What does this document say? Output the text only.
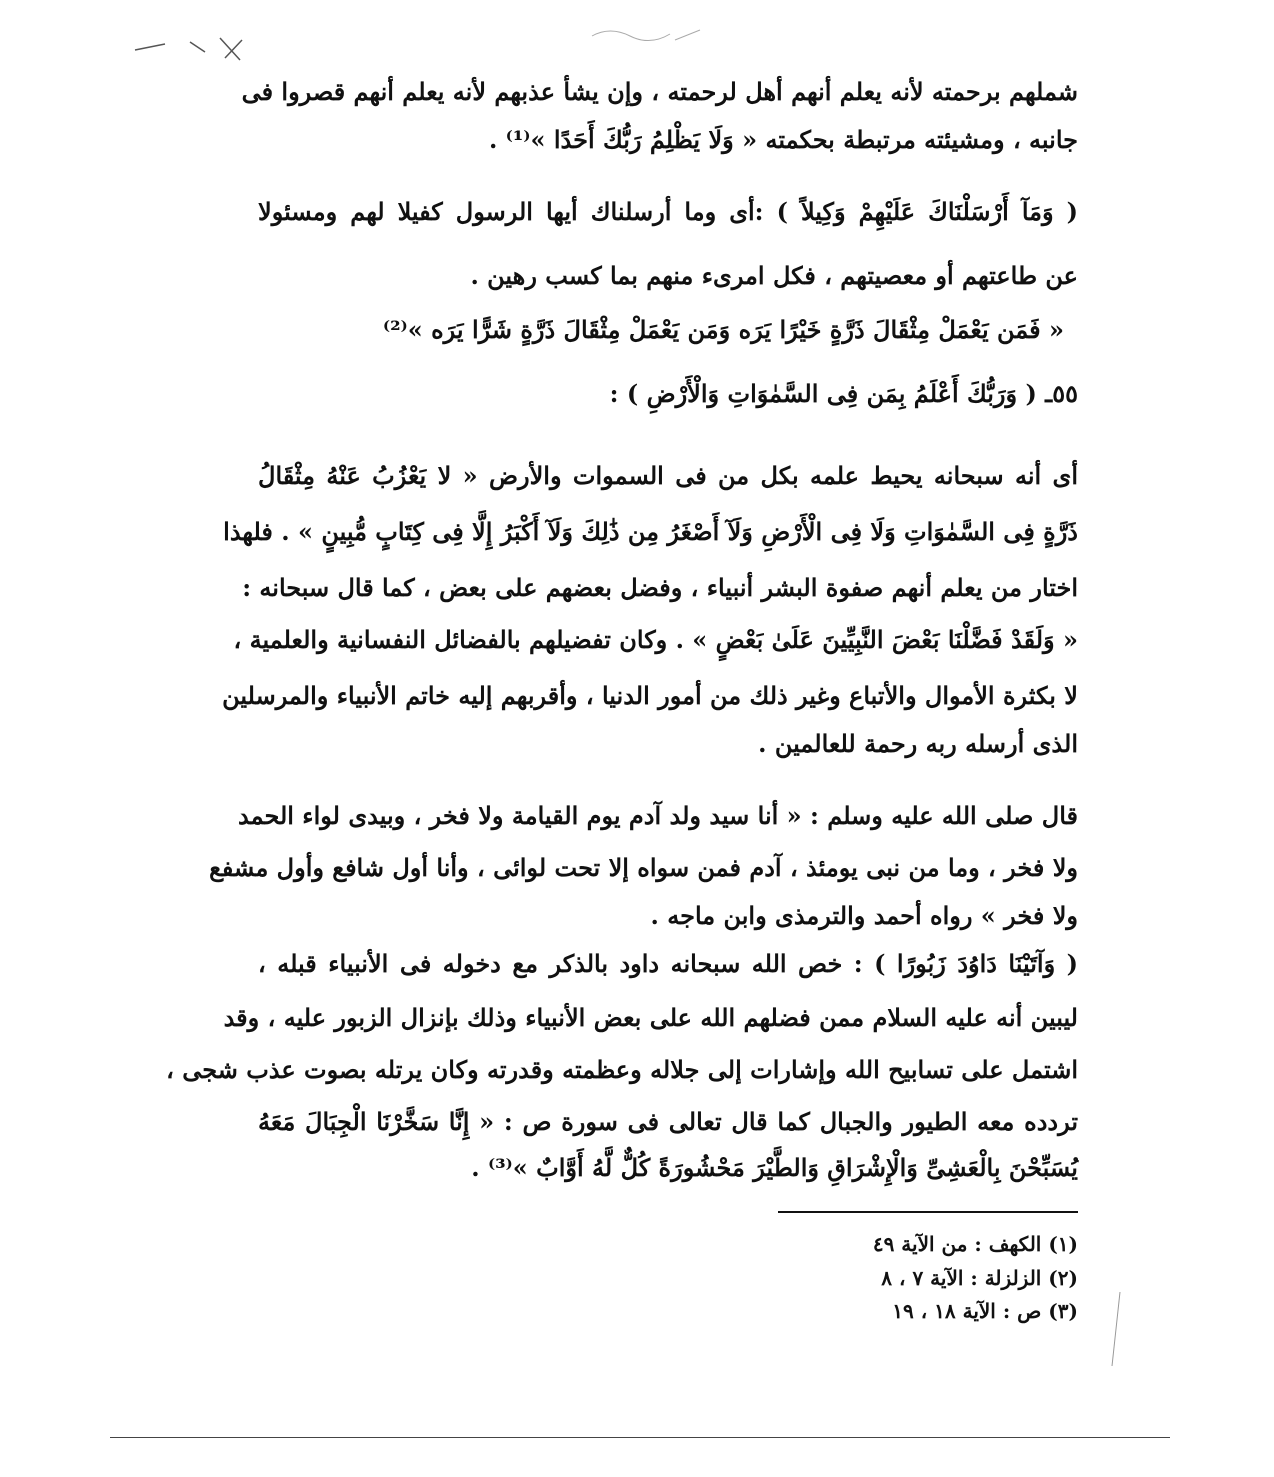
شملهم برحمته لأنه يعلم أنهم أهل لرحمته ، وإن يشأ عذبهم لأنه يعلم أنهم قصروا فى
جانبه ، ومشيئته مرتبطة بحكمته « وَلَا يَظْلِمُ رَبُّكَ أَحَدًا »⁽¹⁾ .
( وَمَآ أَرْسَلْنَاكَ عَلَيْهِمْ وَكِيلاً ) :أى وما أرسلناك أيها الرسول كفيلا لهم ومسئولا
عن طاعتهم أو معصيتهم ، فكل امرىء منهم بما كسب رهين .
« فَمَن يَعْمَلْ مِثْقَالَ ذَرَّةٍ خَيْرًا يَرَه وَمَن يَعْمَلْ مِثْقَالَ ذَرَّةٍ شَرًّا يَرَه »⁽²⁾
٥٥ـ ( وَرَبُّكَ أَعْلَمُ بِمَن فِى السَّمٰوَاتِ وَالْأَرْضِ ) :
أى أنه سبحانه يحيط علمه بكل من فى السموات والأرض « لا يَعْزُبُ عَنْهُ مِثْقَالُ
ذَرَّةٍ فِى السَّمٰوَاتِ وَلَا فِى الْأَرْضِ وَلَآ أَصْغَرُ مِن ذَٰلِكَ وَلَآ أَكْبَرُ إِلَّا فِى كِتَابٍ مُّبِينٍ » . فلهذا
اختار من يعلم أنهم صفوة البشر أنبياء ، وفضل بعضهم على بعض ، كما قال سبحانه :
« وَلَقَدْ فَضَّلْنَا بَعْضَ النَّبِيِّينَ عَلَىٰ بَعْضٍ » . وكان تفضيلهم بالفضائل النفسانية والعلمية ،
لا بكثرة الأموال والأتباع وغير ذلك من أمور الدنيا ، وأقربهم إليه خاتم الأنبياء والمرسلين
الذى أرسله ربه رحمة للعالمين .
قال صلى الله عليه وسلم : « أنا سيد ولد آدم يوم القيامة ولا فخر ، وبيدى لواء الحمد
ولا فخر ، وما من نبى يومئذ ، آدم فمن سواه إلا تحت لوائى ، وأنا أول شافع وأول مشفع
ولا فخر » رواه أحمد والترمذى وابن ماجه .
( وَآتَيْنَا دَاوُدَ زَبُورًا ) : خص الله سبحانه داود بالذكر مع دخوله فى الأنبياء قبله ،
ليبين أنه عليه السلام ممن فضلهم الله على بعض الأنبياء وذلك بإنزال الزبور عليه ، وقد
اشتمل على تسابيح الله وإشارات إلى جلاله وعظمته وقدرته وكان يرتله بصوت عذب شجى ،
تردده معه الطيور والجبال كما قال تعالى فى سورة ص : « إِنَّا سَخَّرْنَا الْجِبَالَ مَعَهُ
يُسَبِّحْنَ بِالْعَشِىِّ وَالْإِشْرَاقِ وَالطَّيْرَ مَحْشُورَةً كُلٌّ لَّهُ أَوَّابٌ »⁽³⁾ .
(١) الكهف : من الآية ٤٩
(٢) الزلزلة : الآية ٧ ، ٨
(٣) ص : الآية ١٨ ، ١٩
